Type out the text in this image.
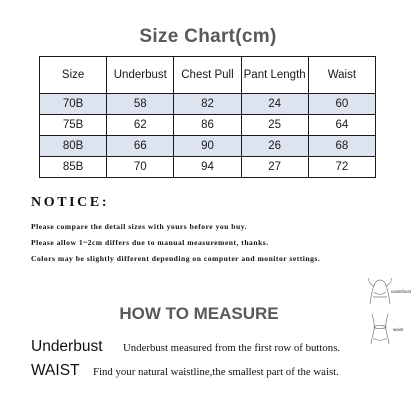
Size Chart(cm)
Size	Underbust	Chest Pull	Pant Length	Waist
70B	58	82	24	60
75B	62	86	25	64
80B	66	90	26	68
85B	70	94	27	72
NOTICE:
Please compare the detail sizes with yours before you buy.
Please allow 1~2cm differs due to manual measurement, thanks.
Colors may be slightly different depending on computer and monitor settings.
underbust
waist
HOW TO MEASURE
Underbust Underbust measured from the first row of buttons.
WAIST Find your natural waistline,the smallest part of the waist.
